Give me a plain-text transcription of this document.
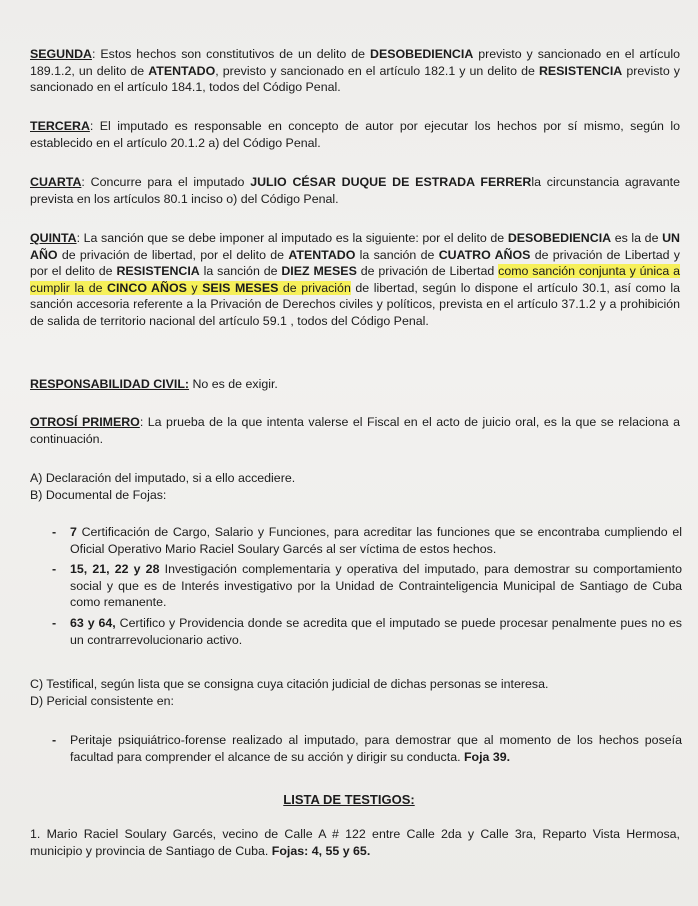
SEGUNDA: Estos hechos son constitutivos de un delito de DESOBEDIENCIA previsto y sancionado en el artículo 189.1.2, un delito de ATENTADO, previsto y sancionado en el artículo 182.1 y un delito de RESISTENCIA previsto y sancionado en el artículo 184.1, todos del Código Penal.

TERCERA: El imputado es responsable en concepto de autor por ejecutar los hechos por sí mismo, según lo establecido en el artículo 20.1.2 a) del Código Penal.

CUARTA: Concurre para el imputado JULIO CÉSAR DUQUE DE ESTRADA FERRERla circunstancia agravante prevista en los artículos 80.1 inciso o) del Código Penal.

QUINTA: La sanción que se debe imponer al imputado es la siguiente: por el delito de DESOBEDIENCIA es la de UN AÑO de privación de libertad, por el delito de ATENTADO la sanción de CUATRO AÑOS de privación de Libertad y por el delito de RESISTENCIA la sanción de DIEZ MESES de privación de Libertad como sanción conjunta y única a cumplir la de CINCO AÑOS y SEIS MESES de privación de libertad, según lo dispone el artículo 30.1, así como la sanción accesoria referente a la Privación de Derechos civiles y políticos, prevista en el artículo 37.1.2 y a prohibición de salida de territorio nacional del artículo 59.1 , todos del Código Penal.

RESPONSABILIDAD CIVIL: No es de exigir.

OTROSÍ PRIMERO: La prueba de la que intenta valerse el Fiscal en el acto de juicio oral, es la que se relaciona a continuación.

A) Declaración del imputado, si a ello accediere.

B) Documental de Fojas:

-	7 Certificación de Cargo, Salario y Funciones, para acreditar las funciones que se encontraba cumpliendo el Oficial Operativo Mario Raciel Soulary Garcés al ser víctima de estos hechos.
-	15, 21, 22 y 28 Investigación complementaria y operativa del imputado, para demostrar su comportamiento social y que es de Interés investigativo por la Unidad de Contrainteligencia Municipal de Santiago de Cuba como remanente.
-	63 y 64, Certifico y Providencia donde se acredita que el imputado se puede procesar penalmente pues no es un contrarrevolucionario activo.

C) Testifical, según lista que se consigna cuya citación judicial de dichas personas se interesa.

D) Pericial consistente en:

-	Peritaje psiquiátrico-forense realizado al imputado, para demostrar que al momento de los hechos poseía facultad para comprender el alcance de su acción y dirigir su conducta. Foja 39.
LISTA DE TESTIGOS:

1. Mario Raciel Soulary Garcés, vecino de Calle A # 122 entre Calle 2da y Calle 3ra, Reparto Vista Hermosa, municipio y provincia de Santiago de Cuba. Fojas: 4, 55 y 65.
